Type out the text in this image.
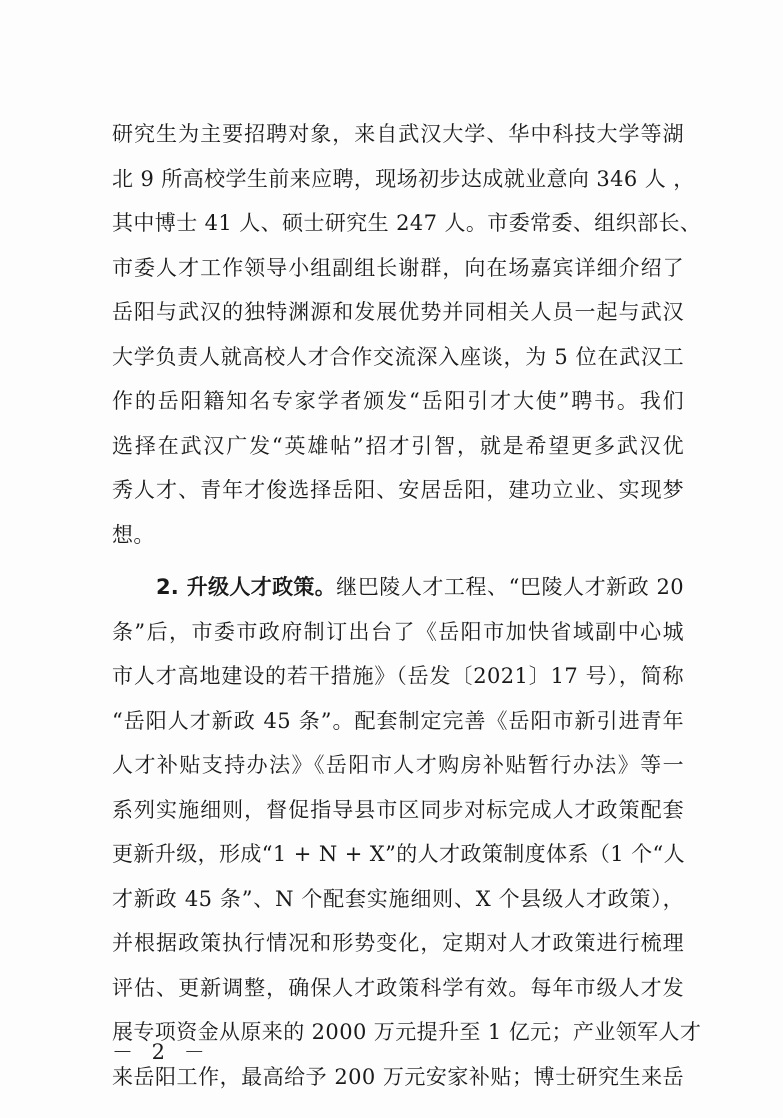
研究生为主要招聘对象，来自武汉大学、华中科技大学等湖
北 9 所高校学生前来应聘，现场初步达成就业意向 346 人 ，
其中博士 41 人、硕士研究生 247 人。市委常委、组织部长、
市委人才工作领导小组副组长谢群，向在场嘉宾详细介绍了
岳阳与武汉的独特渊源和发展优势并同相关人员一起与武汉
大学负责人就高校人才合作交流深入座谈，为 5 位在武汉工
作的岳阳籍知名专家学者颁发“岳阳引才大使”聘书。我们
选择在武汉广发“英雄帖”招才引智，就是希望更多武汉优
秀人才、青年才俊选择岳阳、安居岳阳，建功立业、实现梦
想。
2. 升级人才政策。继巴陵人才工程、“巴陵人才新政 20
条”后，市委市政府制订出台了《岳阳市加快省域副中心城
市人才高地建设的若干措施》（岳发〔2021〕17 号），简称
“岳阳人才新政 45 条”。配套制定完善《岳阳市新引进青年
人才补贴支持办法》《岳阳市人才购房补贴暂行办法》等一
系列实施细则，督促指导县市区同步对标完成人才政策配套
更新升级，形成“1 + N + X”的人才政策制度体系（1 个“人
才新政 45 条”、N 个配套实施细则、X 个县级人才政策），
并根据政策执行情况和形势变化，定期对人才政策进行梳理
评估、更新调整，确保人才政策科学有效。每年市级人才发
展专项资金从原来的 2000 万元提升至 1 亿元；产业领军人才
来岳阳工作，最高给予 200 万元安家补贴；博士研究生来岳
－ 2 －
